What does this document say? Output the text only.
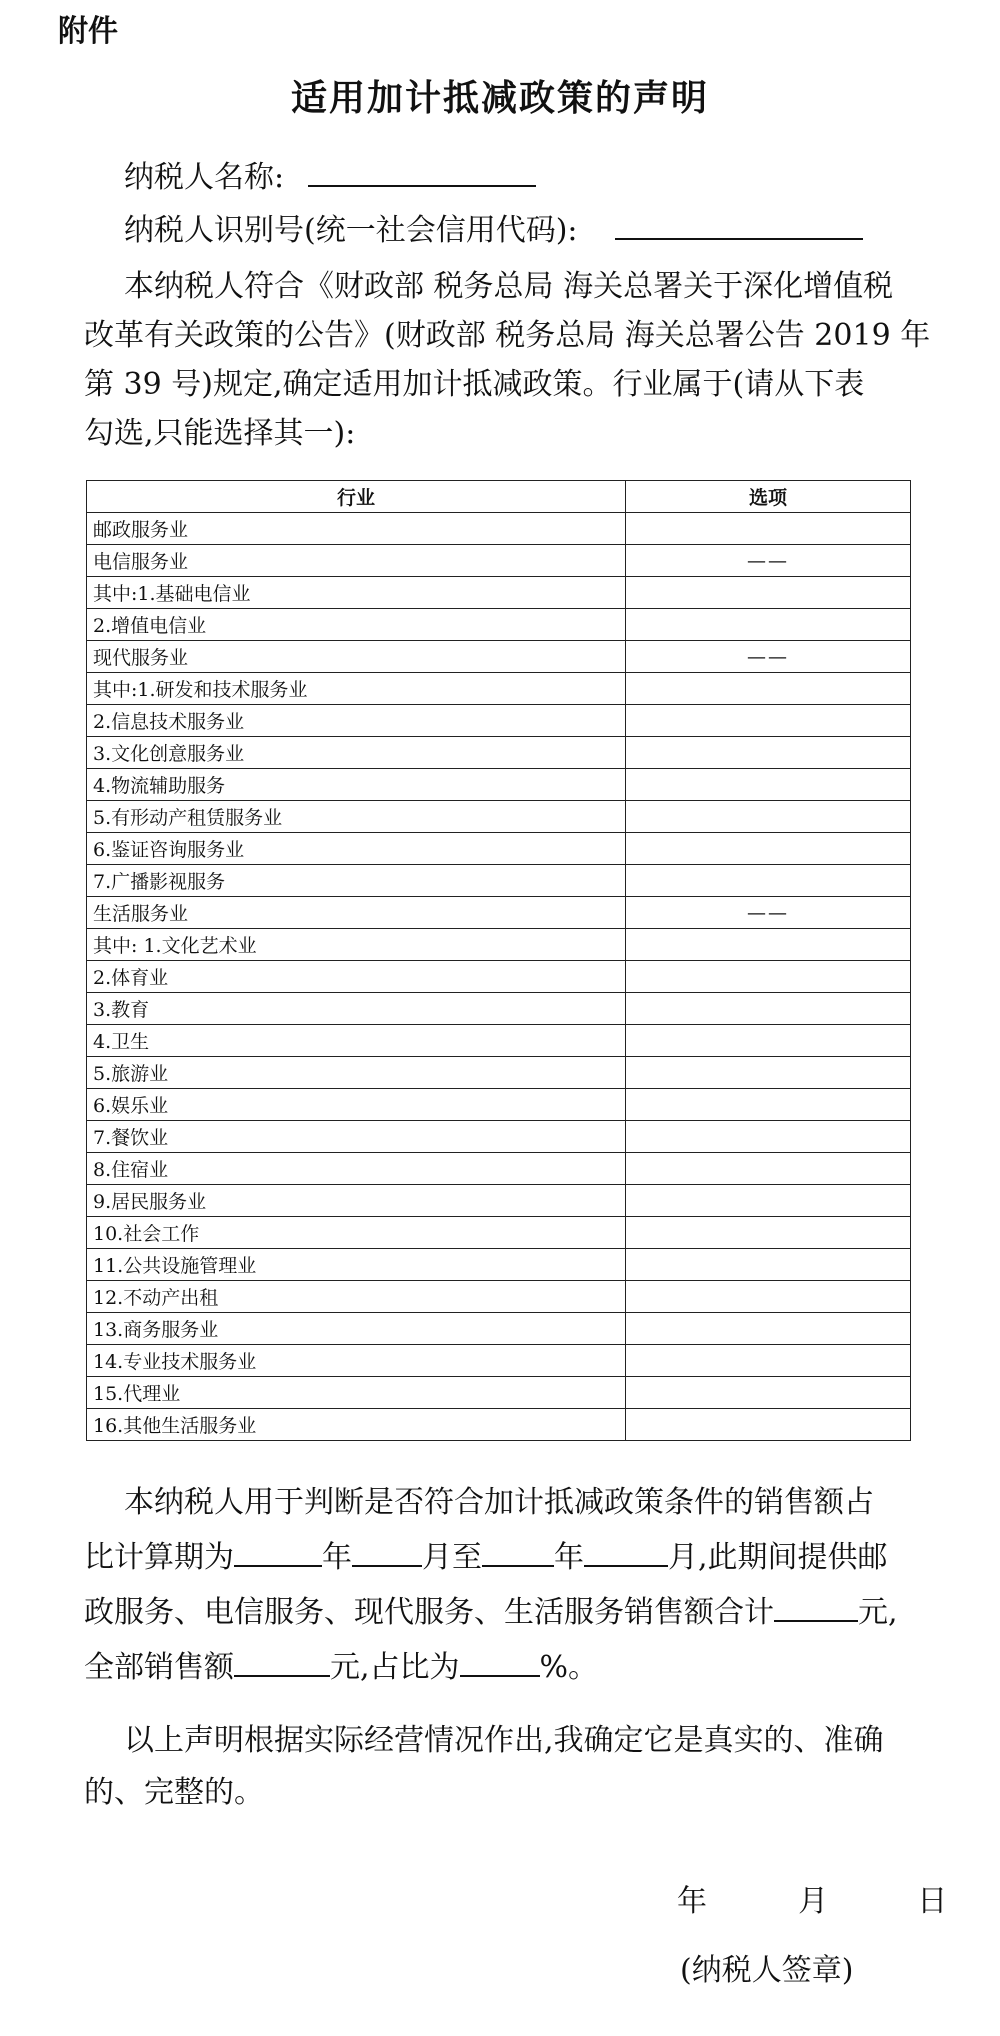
附件
适用加计抵减政策的声明
纳税人名称:
纳税人识别号(统一社会信用代码):
本纳税人符合《财政部 税务总局 海关总署关于深化增值税
改革有关政策的公告》(财政部 税务总局 海关总署公告 2019 年
第 39 号)规定,确定适用加计抵减政策。行业属于(请从下表
勾选,只能选择其一):
行业	选项
邮政服务业	
电信服务业	——
其中:1.基础电信业	
2.增值电信业	
现代服务业	——
其中:1.研发和技术服务业	
2.信息技术服务业	
3.文化创意服务业	
4.物流辅助服务	
5.有形动产租赁服务业	
6.鉴证咨询服务业	
7.广播影视服务	
生活服务业	——
其中: 1.文化艺术业	
2.体育业	
3.教育	
4.卫生	
5.旅游业	
6.娱乐业	
7.餐饮业	
8.住宿业	
9.居民服务业	
10.社会工作	
11.公共设施管理业	
12.不动产出租	
13.商务服务业	
14.专业技术服务业	
15.代理业	
16.其他生活服务业	
本纳税人用于判断是否符合加计抵减政策条件的销售额占
比计算期为	年 月至 年	月,此期间提供邮
政服务、电信服务、现代服务、生活服务销售额合计	元,
全部销售额	元,占比为	%。
以上声明根据实际经营情况作出,我确定它是真实的、准确
的、完整的。
年	月	日
(纳税人签章)
